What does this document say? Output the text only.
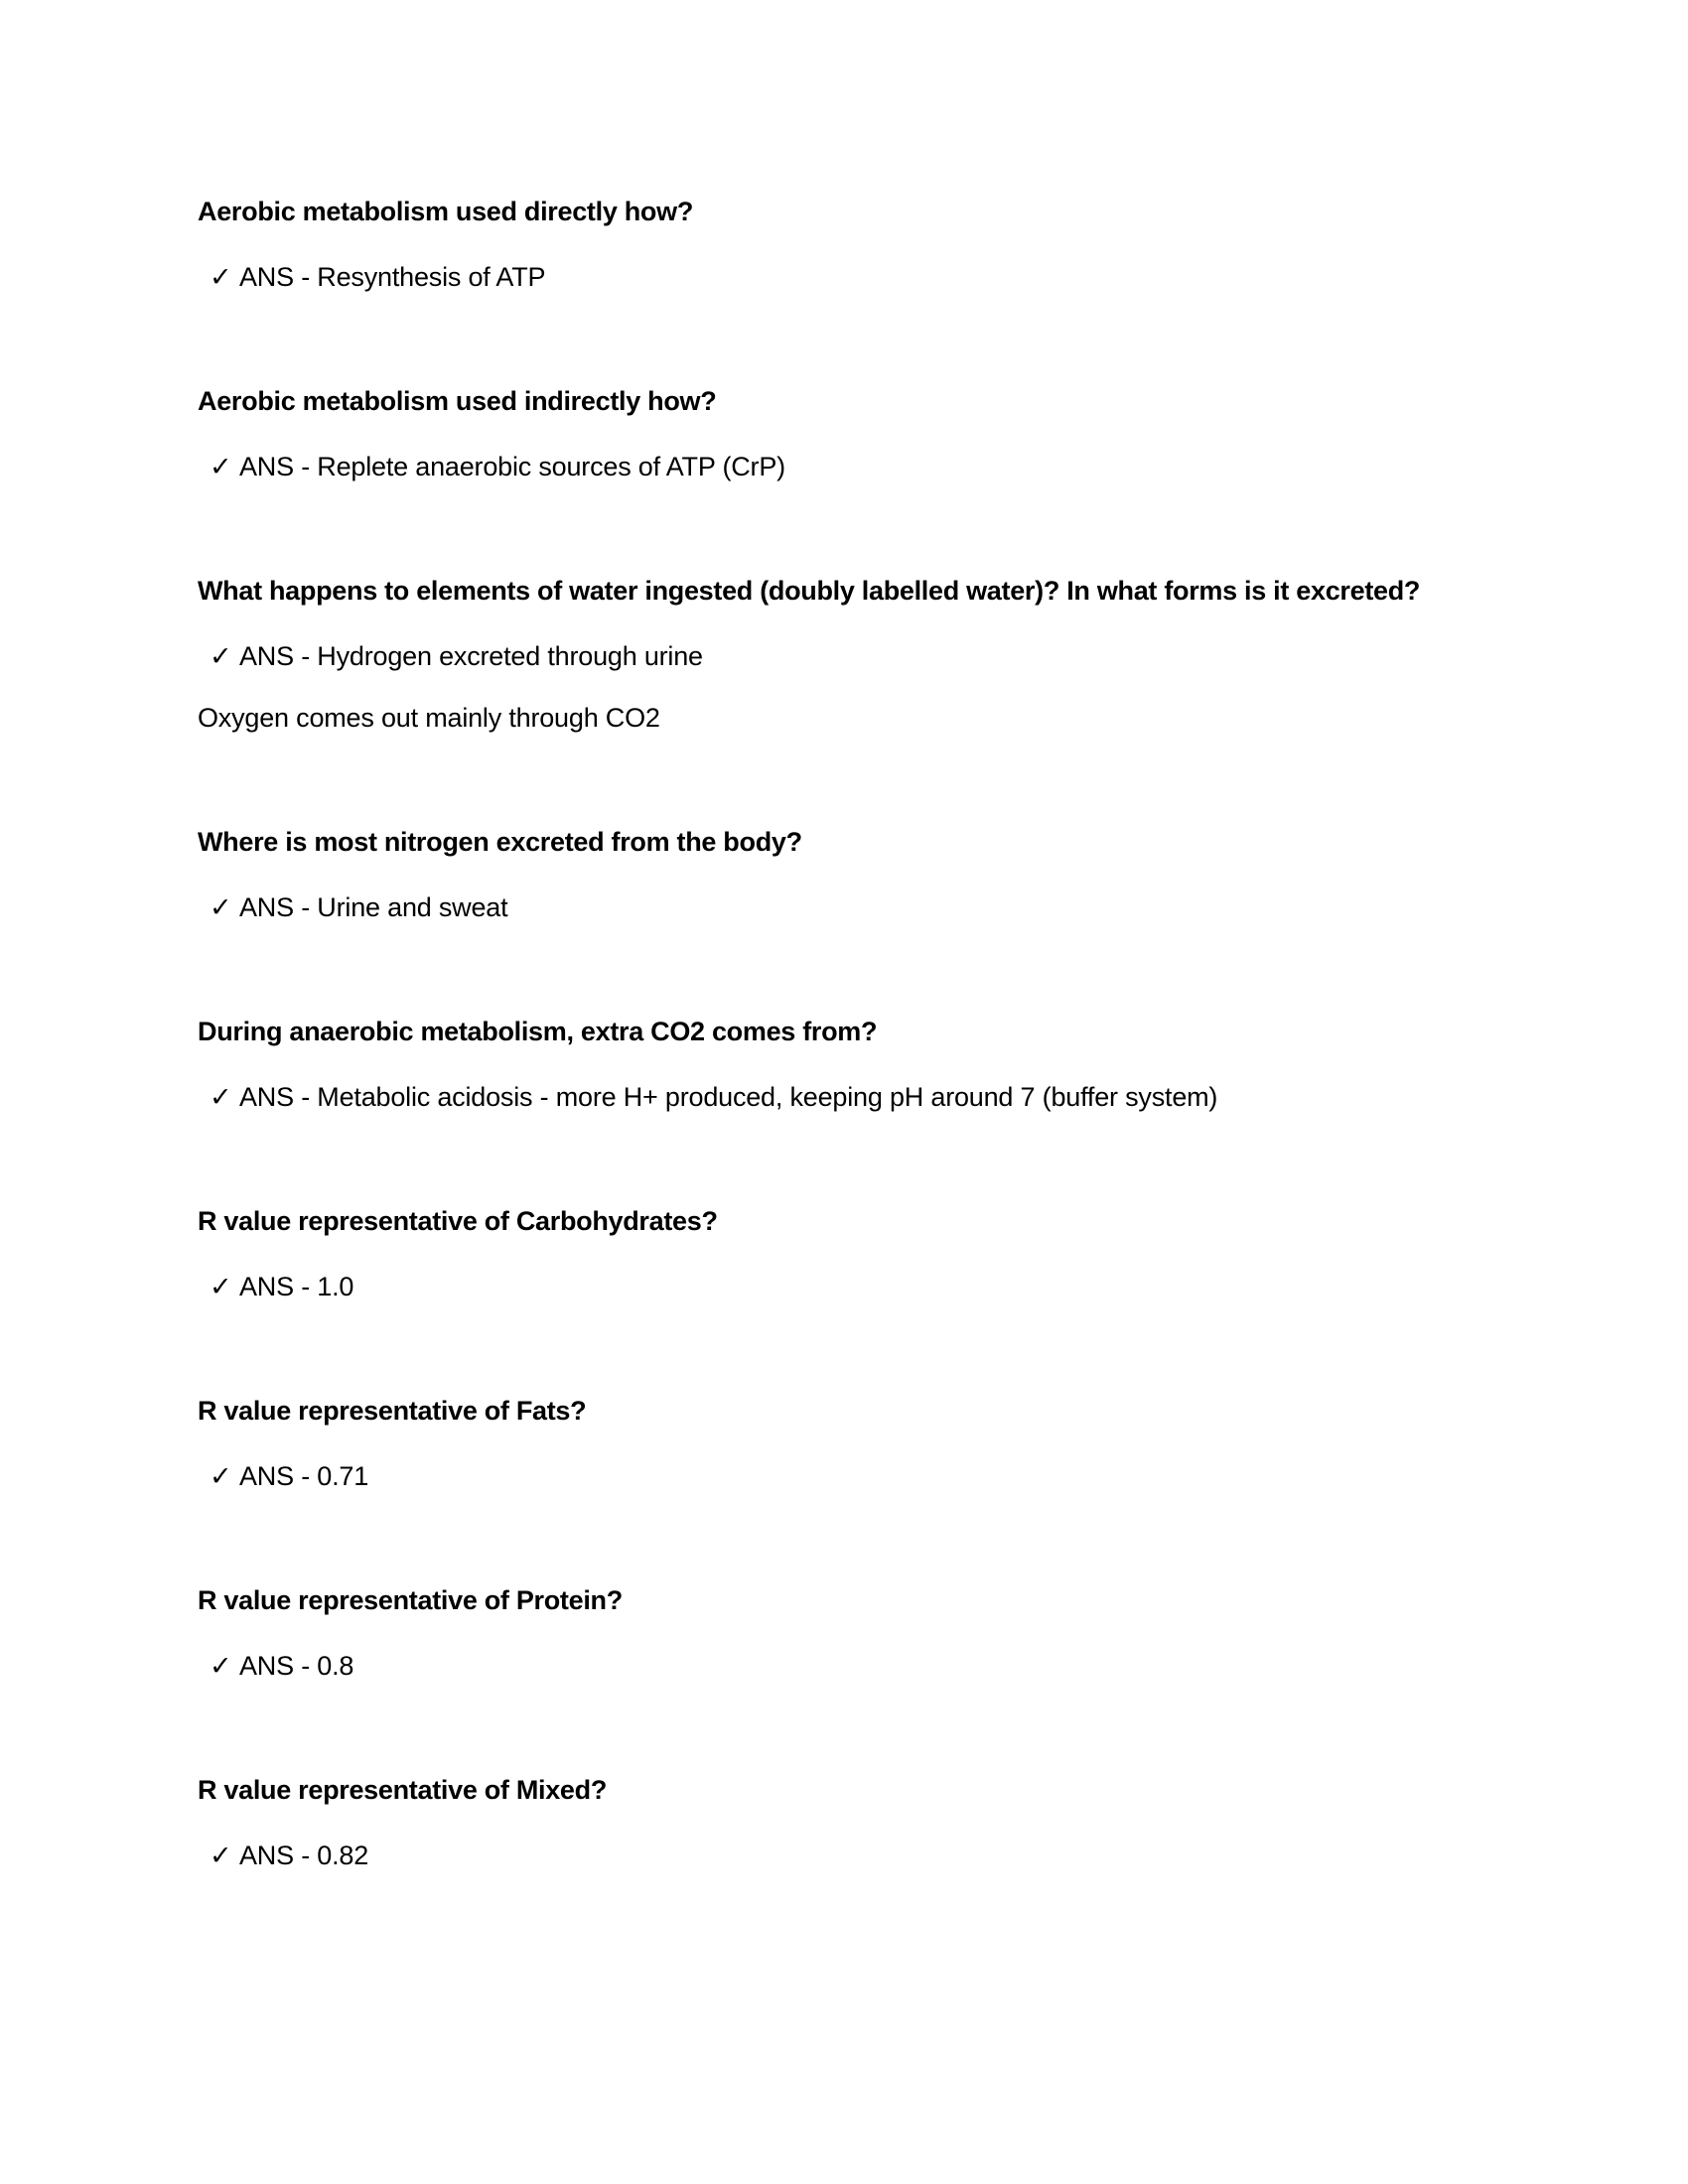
Aerobic metabolism used directly how?
✓ ANS - Resynthesis of ATP
Aerobic metabolism used indirectly how?
✓ ANS - Replete anaerobic sources of ATP (CrP)
What happens to elements of water ingested (doubly labelled water)? In what forms is it excreted?
✓ ANS - Hydrogen excreted through urine
Oxygen comes out mainly through CO2
Where is most nitrogen excreted from the body?
✓ ANS - Urine and sweat
During anaerobic metabolism, extra CO2 comes from?
✓ ANS - Metabolic acidosis - more H+ produced, keeping pH around 7 (buffer system)
R value representative of Carbohydrates?
✓ ANS - 1.0
R value representative of Fats?
✓ ANS - 0.71
R value representative of Protein?
✓ ANS - 0.8
R value representative of Mixed?
✓ ANS - 0.82
